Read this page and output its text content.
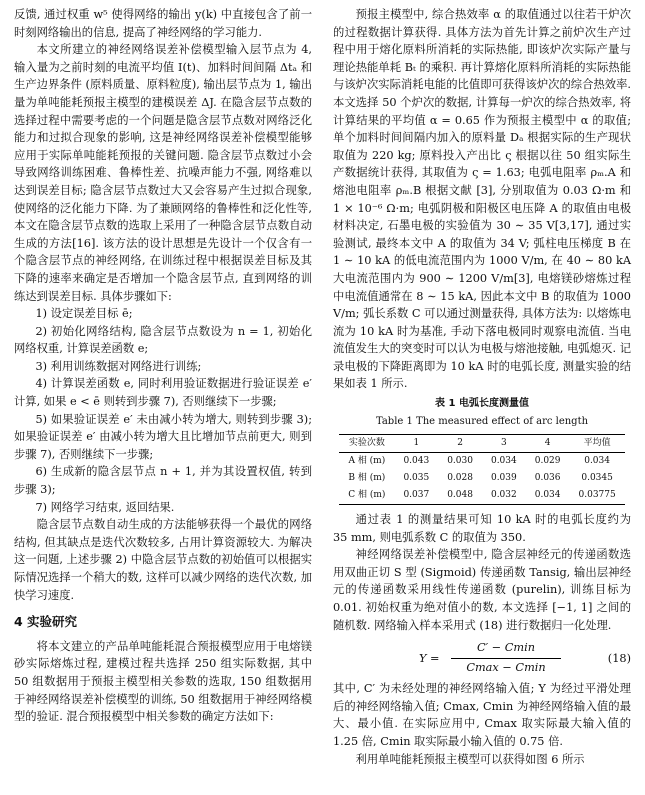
反馈, 通过权重 w⁵ 使得网络的输出 y(k) 中直接包含了前一时刻网络输出的信息, 提高了神经网络的学习能力.

本文所建立的神经网络误差补偿模型输入层节点为 4, 输入量为之前时刻的电流平均值 I(t)、加料时间间隔 Δtₐ 和生产边界条件 (原料质量、原料粒度), 输出层节点为 1, 输出量为单吨能耗预报主模型的建模误差 ΔJ. 在隐含层节点数的选择过程中需要考虑的一个问题是隐含层节点数对网络泛化能力和过拟合现象的影响, 这是神经网络误差补偿模型能够应用于实际单吨能耗预报的关键问题. 隐含层节点数过小会导致网络训练困难、鲁棒性差、抗噪声能力不强, 网络难以达到误差目标; 隐含层节点数过大又会容易产生过拟合现象, 使网络的泛化能力下降. 为了兼顾网络的鲁棒性和泛化性等, 本文在隐含层节点数的选取上采用了一种隐含层节点数自动生成的方法[16]. 该方法的设计思想是先设计一个仅含有一个隐含层节点的神经网络, 在训练过程中根据误差目标及其下降的速率来确定是否增加一个隐含层节点, 直到网络的训练达到误差目标. 具体步骤如下:

1) 设定误差目标 ē;

2) 初始化网络结构, 隐含层节点数设为 n = 1, 初始化网络权重, 计算误差函数 e;

3) 利用训练数据对网络进行训练;

4) 计算误差函数 e, 同时利用验证数据进行验证误差 e′ 计算, 如果 e < ē 则转到步骤 7), 否则继续下一步骤;

5) 如果验证误差 e′ 未由减小转为增大, 则转到步骤 3); 如果验证误差 e′ 由减小转为增大且比增加节点前更大, 则到步骤 7), 否则继续下一步骤;

6) 生成新的隐含层节点 n + 1, 并为其设置权值, 转到步骤 3);

7) 网络学习结束, 返回结果.

隐含层节点数自动生成的方法能够获得一个最优的网络结构, 但其缺点是迭代次数较多, 占用计算资源较大. 为解决这一问题, 上述步骤 2) 中隐含层节点数的初始值可以根据实际情况选择一个稍大的数, 这样可以减少网络的迭代次数, 加快学习速度.

4 实验研究

将本文建立的产品单吨能耗混合预报模型应用于电熔镁砂实际熔炼过程, 建模过程共选择 250 组实际数据, 其中 50 组数据用于预报主模型相关参数的选取, 150 组数据用于神经网络误差补偿模型的训练, 50 组数据用于神经网络模型的验证. 混合预报模型中相关参数的确定方法如下:

预报主模型中, 综合热效率 α 的取值通过以往若干炉次的过程数据计算获得. 具体方法为首先计算之前炉次生产过程中用于熔化原料所消耗的实际热能, 即该炉次实际产量与理论热能单耗 Bₜ 的乘积. 再计算熔化原料所消耗的实际热能与该炉次实际消耗电能的比值即可获得该炉次的综合热效率. 本文选择 50 个炉次的数据, 计算每一炉次的综合热效率, 将计算结果的平均值 α = 0.65 作为预报主模型中 α 的取值; 单个加料时间间隔内加入的原料量 Dₐ 根据实际的生产现状取值为 220 kg; 原料投入产出比 ς 根据以往 50 组实际生产数据统计获得, 其取值为 ς = 1.63; 电弧电阻率 ρₘ.A 和熔池电阻率 ρₘ.B 根据文献 [3], 分别取值为 0.03 Ω·m 和 1 × 10⁻⁶ Ω·m; 电弧阴极和阳极区电压降 A 的取值由电极材料决定, 石墨电极的实验值为 30 ∼ 35 V[3,17], 通过实验测试, 最终本文中 A 的取值为 34 V; 弧柱电压梯度 B 在 1 ∼ 10 kA 的低电流范围内为 1000 V/m, 在 40 ∼ 80 kA 大电流范围内为 900 ∼ 1200 V/m[3], 电熔镁砂熔炼过程中电流值通常在 8 ∼ 15 kA, 因此本文中 B 的取值为 1000 V/m; 弧长系数 C 可以通过测量获得, 具体方法为: 以熔炼电流为 10 kA 时为基准, 手动下落电极同时观察电流值. 当电流值发生大的突变时可以认为电极与熔池接触, 电弧熄灭. 记录电极的下降距离即为 10 kA 时的电弧长度, 测量实验的结果如表 1 所示.

表 1 电弧长度测量值

Table 1 The measured effect of arc length

实验次数	1	2	3	4	平均值
A 相 (m)	0.043	0.030	0.034	0.029	0.034
B 相 (m)	0.035	0.028	0.039	0.036	0.0345
C 相 (m)	0.037	0.048	0.032	0.034	0.03775

通过表 1 的测量结果可知 10 kA 时的电弧长度约为 35 mm, 则电弧系数 C 的取值为 350.

神经网络误差补偿模型中, 隐含层神经元的传递函数选用双曲正切 S 型 (Sigmoid) 传递函数 Tansig, 输出层神经元的传递函数采用线性传递函数 (purelin), 训练目标为 0.01. 初始权重为绝对值小的数, 本文选择 [−1, 1] 之间的随机数. 网络输入样本采用式 (18) 进行数据归一化处理.

Y =
C′ − Cmin
Cmax − Cmin
(18)

其中, C′ 为未经处理的神经网络输入值; Y 为经过平滑处理后的神经网络输入值; Cmax, Cmin 为神经网络输入值的最大、最小值. 在实际应用中, Cmax 取实际最大输入值的 1.25 倍, Cmin 取实际最小输入值的 0.75 倍.

利用单吨能耗预报主模型可以获得如图 6 所示
